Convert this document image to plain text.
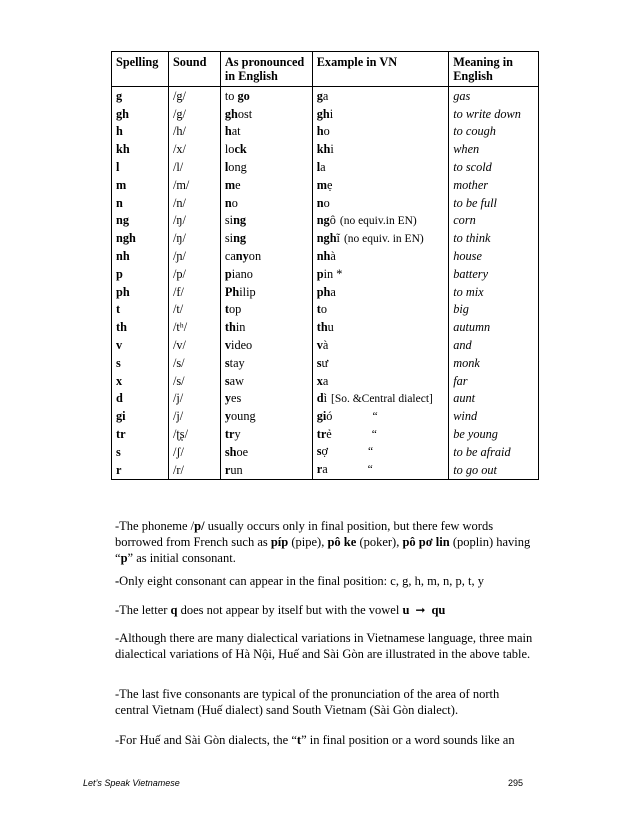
Spelling	Sound	As pronounced in English	Example in VN	Meaning in English
g	/g/	to go	ga	gas
gh	/g/	ghost	ghi	to write down
h	/h/	hat	ho	to cough
kh	/x/	lock	khi	when
l	/l/	long	la	to scold
m	/m/	me	mẹ	mother
n	/n/	no	no	to be full
ng	/ŋ/	sing	ngô (no equiv.in EN)	corn
ngh	/ŋ/	sing	nghĩ (no equiv. in EN)	to think
nh	/ɲ/	canyon	nhà	house
p	/p/	piano	pin *	battery
ph	/f/	Philip	pha	to mix
t	/t/	top	to	big
th	/tʰ/	thin	thu	autumn
v	/v/	video	và	and
s	/s/	stay	sư	monk
x	/s/	saw	xa	far
d	/j/	yes	dì [So. &Central dialect]	aunt
gi	/j/	young	gió “	wind
tr	/ʈʂ/	try	trẻ “	be young
s	/ʃ/	shoe	sợ “	to be afraid
r	/r/	run	ra “	to go out

-The phoneme /p/ usually occurs only in final position, but there few words borrowed from French such as píp (pipe), pô ke (poker), pô pơ lin (poplin) having “p” as initial consonant.

-Only eight consonant can appear in the final position: c, g, h, m, n, p, t, y

-The letter q does not appear by itself but with the vowel u ➞ qu

-Although there are many dialectical variations in Vietnamese language, three main dialectical variations of Hà Nội, Huế and Sài Gòn are illustrated in the above table.

-The last five consonants are typical of the pronunciation of the area of north central Vietnam (Huế dialect) sand South Vietnam (Sài Gòn dialect).

-For Huế and Sài Gòn dialects, the “t” in final position or a word sounds like an

Let’s Speak Vietnamese	295
